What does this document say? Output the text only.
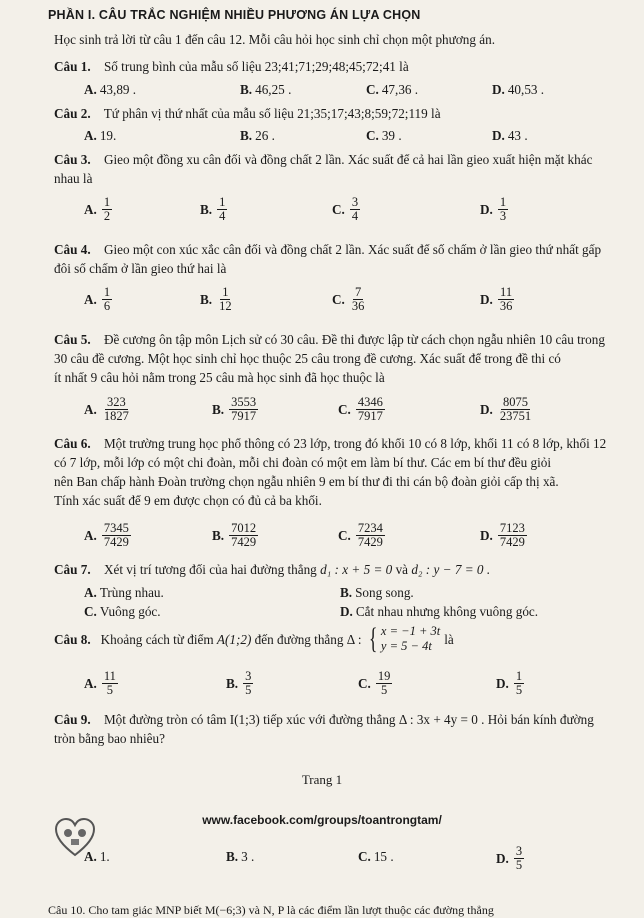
PHẦN I. CÂU TRẮC NGHIỆM NHIỀU PHƯƠNG ÁN LỰA CHỌN
Học sinh trả lời từ câu 1 đến câu 12. Mỗi câu hỏi học sinh chỉ chọn một phương án.
Câu 1. Số trung bình của mẫu số liệu 23;41;71;29;48;45;72;41 là
A. 43,89 .	B. 46,25 .	C. 47,36 .	D. 40,53 .
Câu 2. Tứ phân vị thứ nhất của mẫu số liệu 21;35;17;43;8;59;72;119 là
A. 19.	B. 26 .	C. 39 .	D. 43 .
Câu 3. Gieo một đồng xu cân đối và đồng chất 2 lần. Xác suất để cả hai lần gieo xuất hiện mặt khác
nhau là
A. $\frac{1}{2}$	B. $\frac{1}{4}$	C. $\frac{3}{4}$	D. $\frac{1}{3}$
Câu 4. Gieo một con xúc xắc cân đối và đồng chất 2 lần. Xác suất để số chấm ở lần gieo thứ nhất gấp
đôi số chấm ở lần gieo thứ hai là
A. $\frac{1}{6}$	B. $\frac{1}{12}$	C. $\frac{7}{36}$	D. $\frac{11}{36}$
Câu 5. Đề cương ôn tập môn Lịch sử có 30 câu. Đề thi được lập từ cách chọn ngẫu nhiên 10 câu trong
30 câu đề cương. Một học sinh chỉ học thuộc 25 câu trong đề cương. Xác suất để trong đề thi có
ít nhất 9 câu hỏi nằm trong 25 câu mà học sinh đã học thuộc là
A. $\frac{323}{1827}$	B. $\frac{3553}{7917}$	C. $\frac{4346}{7917}$	D. $\frac{8075}{23751}$
Câu 6. Một trường trung học phổ thông có 23 lớp, trong đó khối 10 có 8 lớp, khối 11 có 8 lớp, khối 12
có 7 lớp, mỗi lớp có một chi đoàn, mỗi chi đoàn có một em làm bí thư. Các em bí thư đều giỏi
nên Ban chấp hành Đoàn trường chọn ngẫu nhiên 9 em bí thư đi thi cán bộ đoàn giỏi cấp thị xã.
Tính xác suất để 9 em được chọn có đủ cả ba khối.
A. $\frac{7345}{7429}$	B. $\frac{7012}{7429}$	C. $\frac{7234}{7429}$	D. $\frac{7123}{7429}$
Câu 7. Xét vị trí tương đối của hai đường thẳng d₁ : x + 5 = 0 và d₂ : y − 7 = 0 .
A. Trùng nhau.	B. Song song.
C. Vuông góc.	D. Cắt nhau nhưng không vuông góc.
Câu 8. Khoảng cách từ điểm
A(1;2)
đến đường thẳng Δ : { x = −1 + 3t
y = 5 − 4t là
A. $\frac{11}{5}$	B. $\frac{3}{5}$	C. $\frac{19}{5}$	D. $\frac{1}{5}$
Câu 9. Một đường tròn có tâm I(1;3) tiếp xúc với đường thẳng Δ : 3x + 4y = 0 . Hỏi bán kính đường
tròn bằng bao nhiêu?
Trang 1
www.facebook.com/groups/toantrongtam/
A. 1.	B. 3 .	C. 15 .	D. $\frac{3}{5}$
Câu 10. Cho tam giác MNP biết M(−6;3) và N, P là các điểm lần lượt thuộc các đường thẳng
